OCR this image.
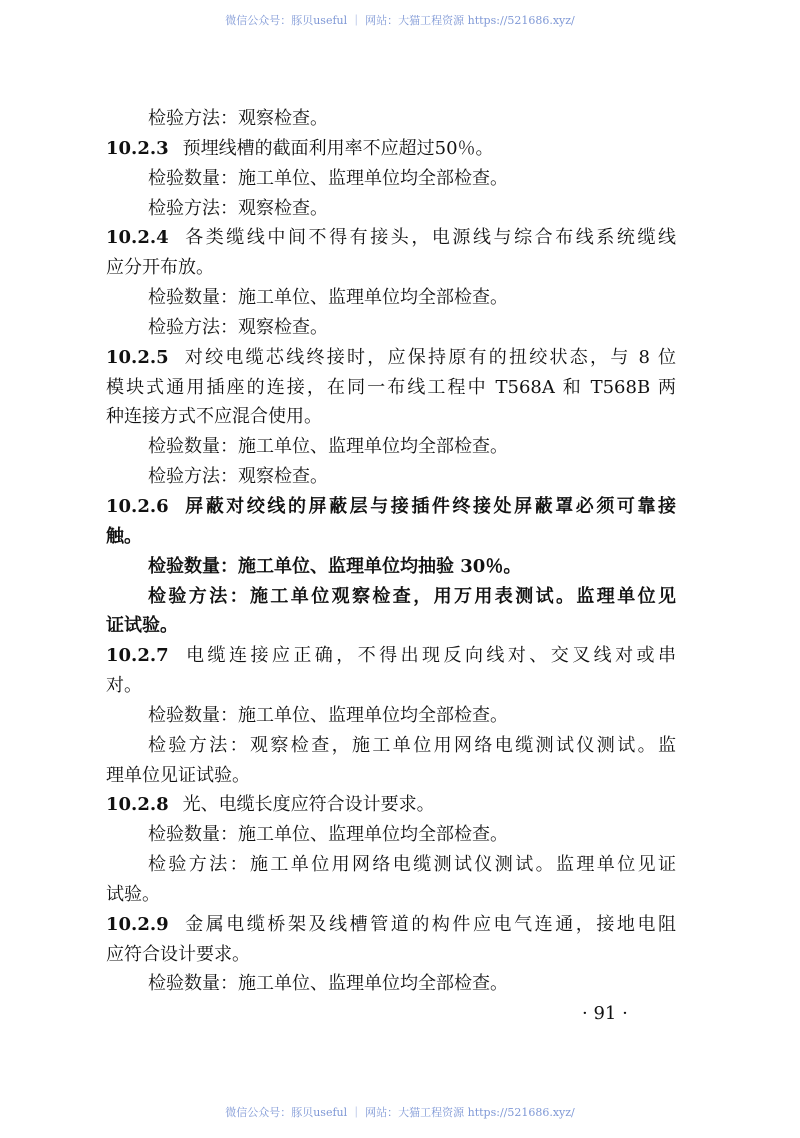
微信公众号：豚贝useful ｜ 网站：大猫工程资源 https://521686.xyz/
检验方法：观察检查。
10.2.3 预埋线槽的截面利用率不应超过50％。
检验数量：施工单位、监理单位均全部检查。
检验方法：观察检查。
10.2.4 各类缆线中间不得有接头，电源线与综合布线系统缆线
应分开布放。
检验数量：施工单位、监理单位均全部检查。
检验方法：观察检查。
10.2.5 对绞电缆芯线终接时，应保持原有的扭绞状态，与 8 位
模块式通用插座的连接，在同一布线工程中 T568A 和 T568B 两
种连接方式不应混合使用。
检验数量：施工单位、监理单位均全部检查。
检验方法：观察检查。
10.2.6 屏蔽对绞线的屏蔽层与接插件终接处屏蔽罩必须可靠接
触。
检验数量：施工单位、监理单位均抽验 30％。
检验方法：施工单位观察检查，用万用表测试。监理单位见
证试验。
10.2.7 电缆连接应正确，不得出现反向线对、交叉线对或串
对。
检验数量：施工单位、监理单位均全部检查。
检验方法：观察检查，施工单位用网络电缆测试仪测试。监
理单位见证试验。
10.2.8 光、电缆长度应符合设计要求。
检验数量：施工单位、监理单位均全部检查。
检验方法：施工单位用网络电缆测试仪测试。监理单位见证
试验。
10.2.9 金属电缆桥架及线槽管道的构件应电气连通，接地电阻
应符合设计要求。
检验数量：施工单位、监理单位均全部检查。
· 91 ·
微信公众号：豚贝useful ｜ 网站：大猫工程资源 https://521686.xyz/
